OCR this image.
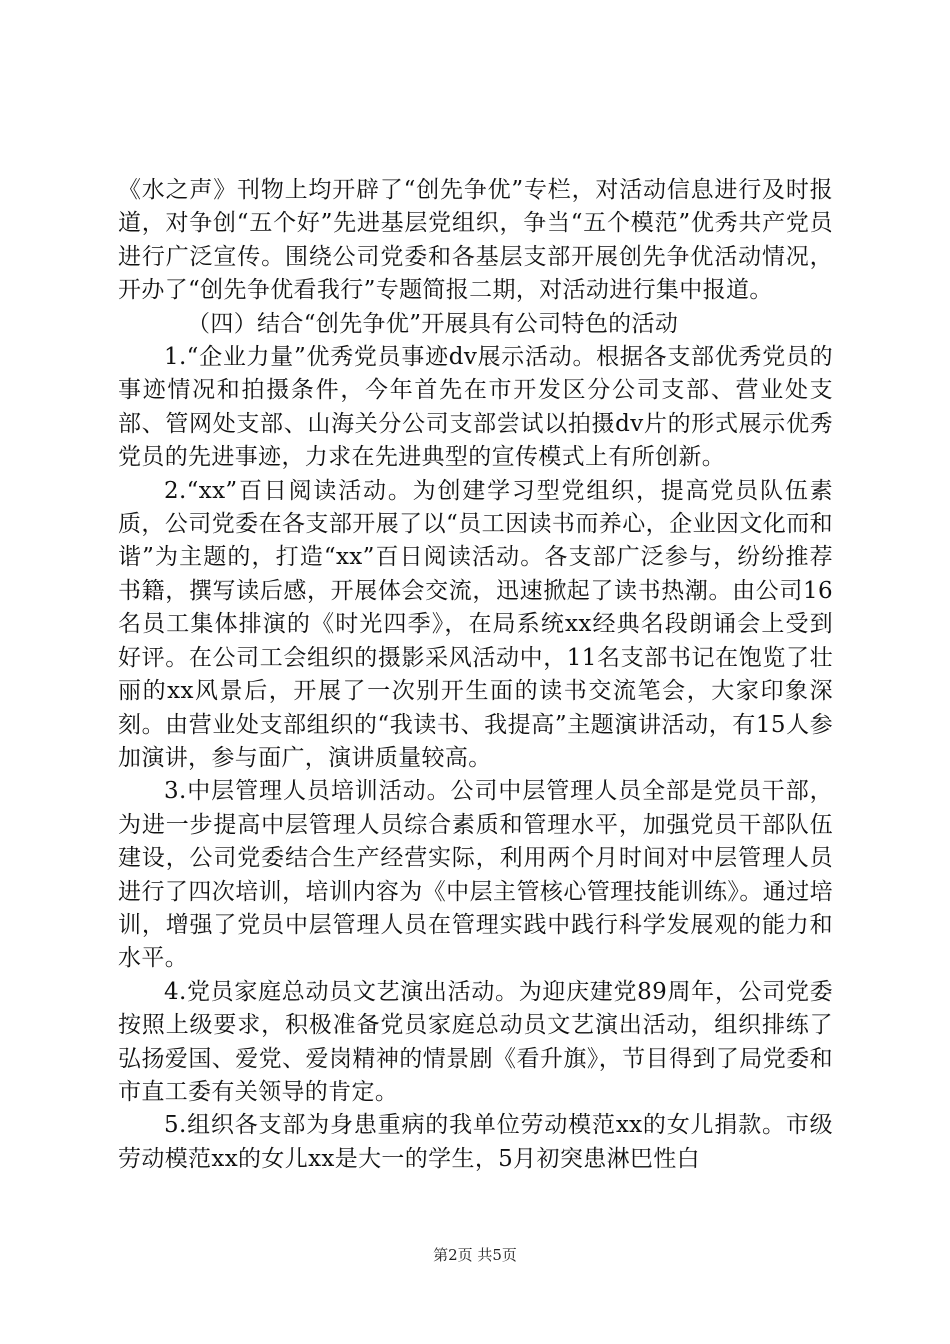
《水之声》刊物上均开辟了“创先争优”专栏，对活动信息进行及时报道，对争创“五个好”先进基层党组织，争当“五个模范”优秀共产党员进行广泛宣传。围绕公司党委和各基层支部开展创先争优活动情况，开办了“创先争优看我行”专题简报二期，对活动进行集中报道。

（四）结合“创先争优”开展具有公司特色的活动

1.“企业力量”优秀党员事迹dv展示活动。根据各支部优秀党员的事迹情况和拍摄条件，今年首先在市开发区分公司支部、营业处支部、管网处支部、山海关分公司支部尝试以拍摄dv片的形式展示优秀党员的先进事迹，力求在先进典型的宣传模式上有所创新。

2.“xx”百日阅读活动。为创建学习型党组织，提高党员队伍素质，公司党委在各支部开展了以“员工因读书而养心，企业因文化而和谐”为主题的，打造“xx”百日阅读活动。各支部广泛参与，纷纷推荐书籍，撰写读后感，开展体会交流，迅速掀起了读书热潮。由公司16名员工集体排演的《时光四季》，在局系统xx经典名段朗诵会上受到好评。在公司工会组织的摄影采风活动中，11名支部书记在饱览了壮丽的xx风景后，开展了一次别开生面的读书交流笔会，大家印象深刻。由营业处支部组织的“我读书、我提高”主题演讲活动，有15人参加演讲，参与面广，演讲质量较高。

3.中层管理人员培训活动。公司中层管理人员全部是党员干部，为进一步提高中层管理人员综合素质和管理水平，加强党员干部队伍建设，公司党委结合生产经营实际，利用两个月时间对中层管理人员进行了四次培训，培训内容为《中层主管核心管理技能训练》。通过培训，增强了党员中层管理人员在管理实践中践行科学发展观的能力和水平。

4.党员家庭总动员文艺演出活动。为迎庆建党89周年，公司党委按照上级要求，积极准备党员家庭总动员文艺演出活动，组织排练了弘扬爱国、爱党、爱岗精神的情景剧《看升旗》，节目得到了局党委和市直工委有关领导的肯定。

5.组织各支部为身患重病的我单位劳动模范xx的女儿捐款。市级劳动模范xx的女儿xx是大一的学生，5月初突患淋巴性白

第2页 共5页
